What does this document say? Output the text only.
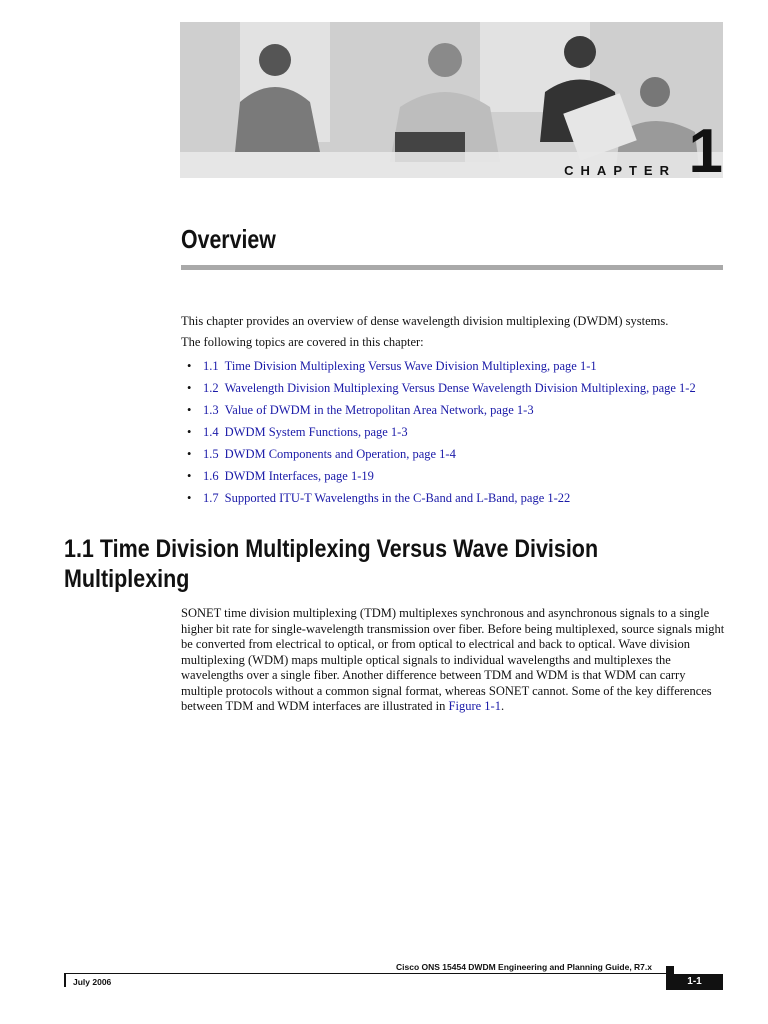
CHAPTER 1
Overview

This chapter provides an overview of dense wavelength division multiplexing (DWDM) systems.

The following topics are covered in this chapter:

• 1.1 Time Division Multiplexing Versus Wave Division Multiplexing, page 1-1
• 1.2 Wavelength Division Multiplexing Versus Dense Wavelength Division Multiplexing, page 1-2
• 1.3 Value of DWDM in the Metropolitan Area Network, page 1-3
• 1.4 DWDM System Functions, page 1-3
• 1.5 DWDM Components and Operation, page 1-4
• 1.6 DWDM Interfaces, page 1-19
• 1.7 Supported ITU-T Wavelengths in the C-Band and L-Band, page 1-22
1.1 Time Division Multiplexing Versus Wave Division Multiplexing

SONET time division multiplexing (TDM) multiplexes synchronous and asynchronous signals to a single higher bit rate for single-wavelength transmission over fiber. Before being multiplexed, source signals might be converted from electrical to optical, or from optical to electrical and back to optical. Wave division multiplexing (WDM) maps multiple optical signals to individual wavelengths and multiplexes the wavelengths over a single fiber. Another difference between TDM and WDM is that WDM can carry multiple protocols without a common signal format, whereas SONET cannot. Some of the key differences between TDM and WDM interfaces are illustrated in Figure 1-1.

Cisco ONS 15454 DWDM Engineering and Planning Guide, R7.x
July 2006	1-1
